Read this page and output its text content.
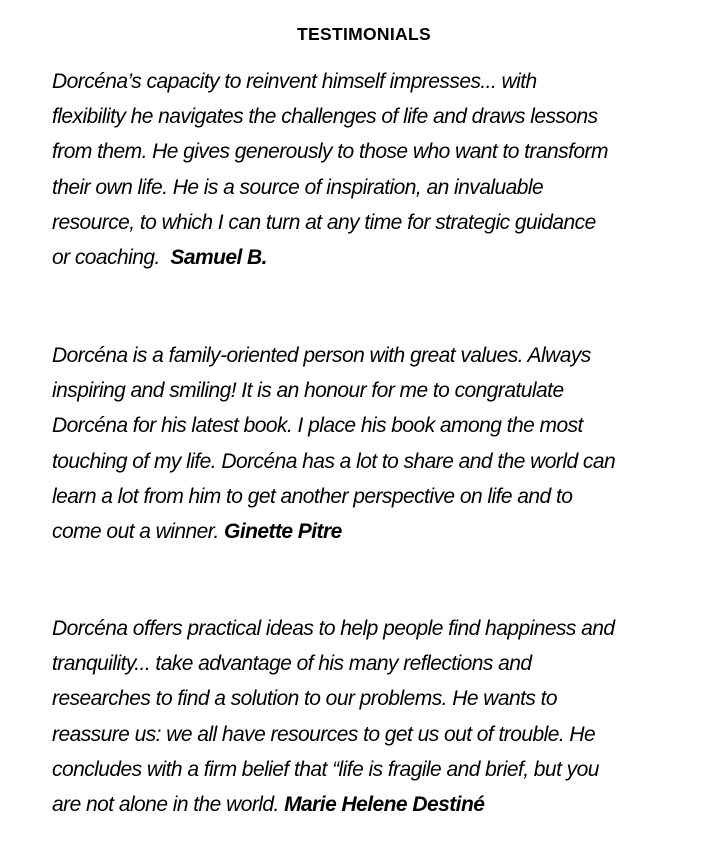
TESTIMONIALS

Dorcéna’s capacity to reinvent himself impresses... with
flexibility he navigates the challenges of life and draws lessons
from them. He gives generously to those who want to transform
their own life. He is a source of inspiration, an invaluable
resource, to which I can turn at any time for strategic guidance
or coaching.  Samuel B.

Dorcéna is a family-oriented person with great values. Always
inspiring and smiling! It is an honour for me to congratulate
Dorcéna for his latest book. I place his book among the most
touching of my life. Dorcéna has a lot to share and the world can
learn a lot from him to get another perspective on life and to
come out a winner. Ginette Pitre

Dorcéna offers practical ideas to help people find happiness and
tranquility... take advantage of his many reflections and
researches to find a solution to our problems. He wants to
reassure us: we all have resources to get us out of trouble. He
concludes with a firm belief that “life is fragile and brief, but you
are not alone in the world. Marie Helene Destiné
